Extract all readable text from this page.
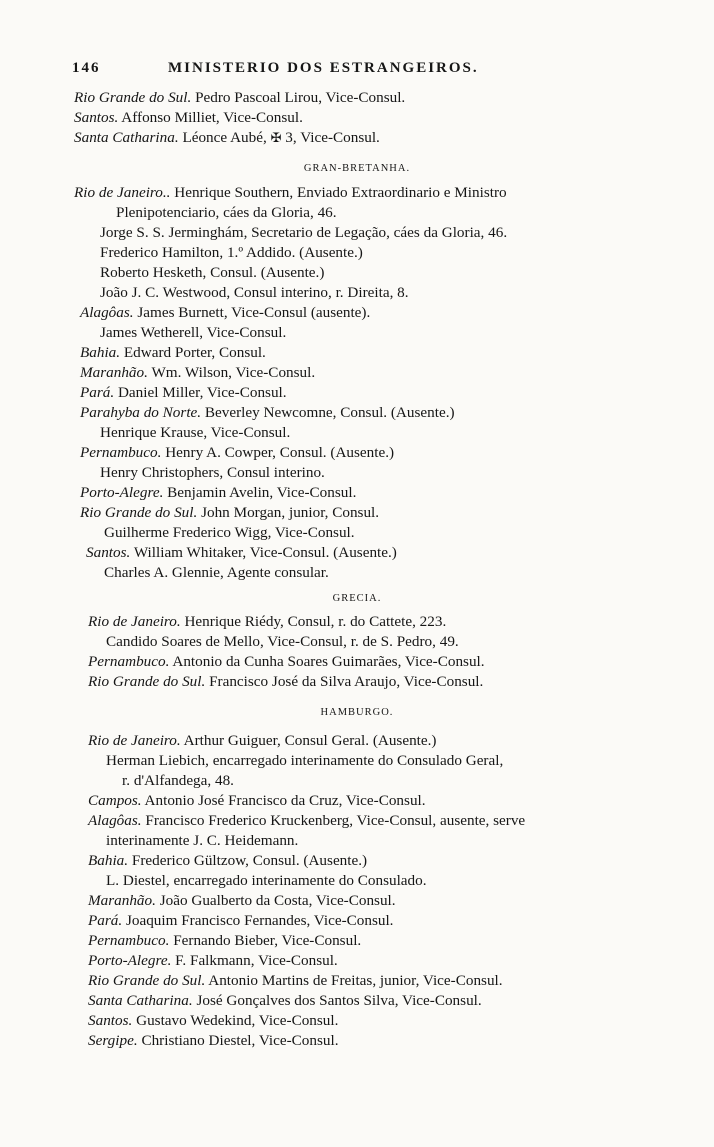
146	MINISTERIO DOS ESTRANGEIROS.
Rio Grande do Sul. Pedro Pascoal Lirou, Vice-Consul.
Santos. Affonso Milliet, Vice-Consul.
Santa Catharina. Léonce Aubé, ✠ 3, Vice-Consul.
GRAN-BRETANHA.
Rio de Janeiro.. Henrique Southern, Enviado Extraordinario e Ministro
Plenipotenciario, cáes da Gloria, 46.
Jorge S. S. Jerminghám, Secretario de Legação, cáes da Gloria, 46.
Frederico Hamilton, 1.º Addido. (Ausente.)
Roberto Hesketh, Consul. (Ausente.)
João J. C. Westwood, Consul interino, r. Direita, 8.
Alagôas. James Burnett, Vice-Consul (ausente).
James Wetherell, Vice-Consul.
Bahia. Edward Porter, Consul.
Maranhão. Wm. Wilson, Vice-Consul.
Pará. Daniel Miller, Vice-Consul.
Parahyba do Norte. Beverley Newcomne, Consul. (Ausente.)
Henrique Krause, Vice-Consul.
Pernambuco. Henry A. Cowper, Consul. (Ausente.)
Henry Christophers, Consul interino.
Porto-Alegre. Benjamin Avelin, Vice-Consul.
Rio Grande do Sul. John Morgan, junior, Consul.
Guilherme Frederico Wigg, Vice-Consul.
Santos. William Whitaker, Vice-Consul. (Ausente.)
Charles A. Glennie, Agente consular.
GRECIA.
Rio de Janeiro. Henrique Riédy, Consul, r. do Cattete, 223.
Candido Soares de Mello, Vice-Consul, r. de S. Pedro, 49.
Pernambuco. Antonio da Cunha Soares Guimarães, Vice-Consul.
Rio Grande do Sul. Francisco José da Silva Araujo, Vice-Consul.
HAMBURGO.
Rio de Janeiro. Arthur Guiguer, Consul Geral. (Ausente.)
Herman Liebich, encarregado interinamente do Consulado Geral,
r. d'Alfandega, 48.
Campos. Antonio José Francisco da Cruz, Vice-Consul.
Alagôas. Francisco Frederico Kruckenberg, Vice-Consul, ausente, serve
interinamente J. C. Heidemann.
Bahia. Frederico Gültzow, Consul. (Ausente.)
L. Diestel, encarregado interinamente do Consulado.
Maranhão. João Gualberto da Costa, Vice-Consul.
Pará. Joaquim Francisco Fernandes, Vice-Consul.
Pernambuco. Fernando Bieber, Vice-Consul.
Porto-Alegre. F. Falkmann, Vice-Consul.
Rio Grande do Sul. Antonio Martins de Freitas, junior, Vice-Consul.
Santa Catharina. José Gonçalves dos Santos Silva, Vice-Consul.
Santos. Gustavo Wedekind, Vice-Consul.
Sergipe. Christiano Diestel, Vice-Consul.
